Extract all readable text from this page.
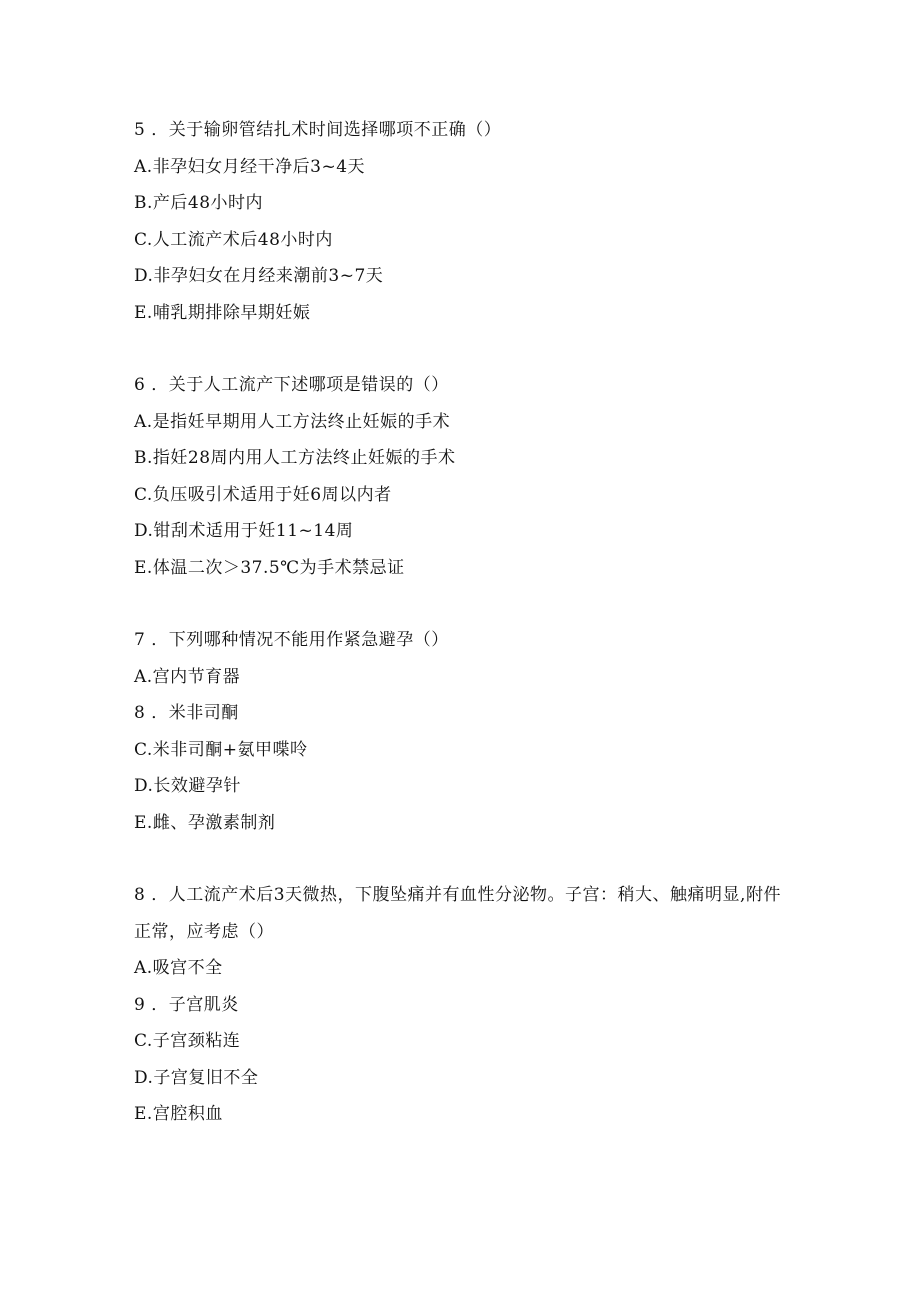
5 ．关于输卵管结扎术时间选择哪项不正确（）

A.非孕妇女月经干净后3~4天

B.产后48小时内

C.人工流产术后48小时内

D.非孕妇女在月经来潮前3~7天

E.哺乳期排除早期妊娠

6 ．关于人工流产下述哪项是错误的（）

A.是指妊早期用人工方法终止妊娠的手术

B.指妊28周内用人工方法终止妊娠的手术

C.负压吸引术适用于妊6周以内者

D.钳刮术适用于妊11~14周

E.体温二次＞37.5℃为手术禁忌证

7 ．下列哪种情况不能用作紧急避孕（）

A.宫内节育器

8 ．米非司酮

C.米非司酮+氨甲喋呤

D.长效避孕针

E.雌、孕激素制剂

8 ．人工流产术后3天微热，下腹坠痛并有血性分泌物。子宫：稍大、触痛明显,附件正常，应考虑（）

A.吸宫不全

9 ．子宫肌炎

C.子宫颈粘连

D.子宫复旧不全

E.宫腔积血
